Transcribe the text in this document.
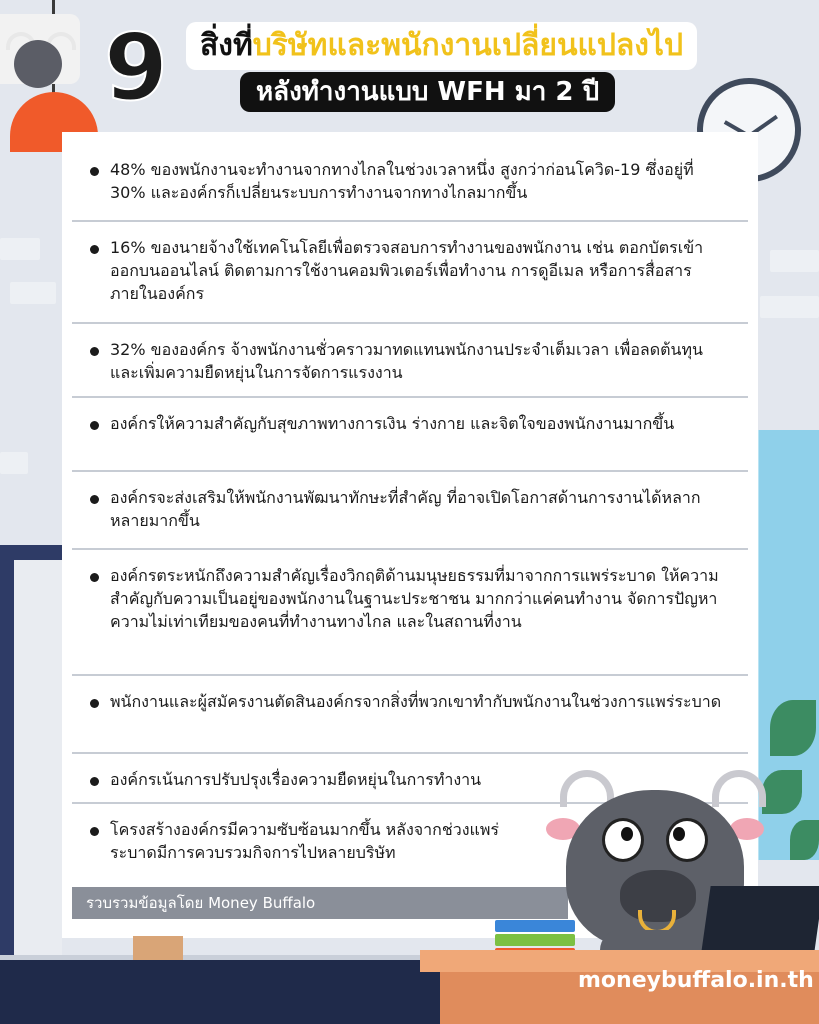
9	สิ่งที่บริษัทและพนักงานเปลี่ยนแปลงไป
หลังทำงานแบบ WFH มา 2 ปี
48% ของพนักงานจะทำงานจากทางไกลในช่วงเวลาหนึ่ง สูงกว่าก่อนโควิด-19 ซึ่งอยู่ที่ 30% และองค์กรก็เปลี่ยนระบบการทำงานจากทางไกลมากขึ้น
16% ของนายจ้างใช้เทคโนโลยีเพื่อตรวจสอบการทำงานของพนักงาน เช่น ตอกบัตรเข้าออกบนออนไลน์ ติดตามการใช้งานคอมพิวเตอร์เพื่อทำงาน การดูอีเมล หรือการสื่อสารภายในองค์กร
32% ขององค์กร จ้างพนักงานชั่วคราวมาทดแทนพนักงานประจำเต็มเวลา เพื่อลดต้นทุน และเพิ่มความยืดหยุ่นในการจัดการแรงงาน
องค์กรให้ความสำคัญกับสุขภาพทางการเงิน ร่างกาย และจิตใจของพนักงานมากขึ้น
องค์กรจะส่งเสริมให้พนักงานพัฒนาทักษะที่สำคัญ ที่อาจเปิดโอกาสด้านการงานได้หลากหลายมากขึ้น
องค์กรตระหนักถึงความสำคัญเรื่องวิกฤติด้านมนุษยธรรมที่มาจากการแพร่ระบาด ให้ความสำคัญกับความเป็นอยู่ของพนักงานในฐานะประชาชน มากกว่าแค่คนทำงาน จัดการปัญหาความไม่เท่าเทียมของคนที่ทำงานทางไกล และในสถานที่งาน
พนักงานและผู้สมัครงานตัดสินองค์กรจากสิ่งที่พวกเขาทำกับพนักงานในช่วงการแพร่ระบาด
องค์กรเน้นการปรับปรุงเรื่องความยืดหยุ่นในการทำงาน
โครงสร้างองค์กรมีความซับซ้อนมากขึ้น หลังจากช่วงแพร่ระบาดมีการควบรวมกิจการไปหลายบริษัท
รวบรวมข้อมูลโดย Money Buffalo
moneybuffalo.in.th
